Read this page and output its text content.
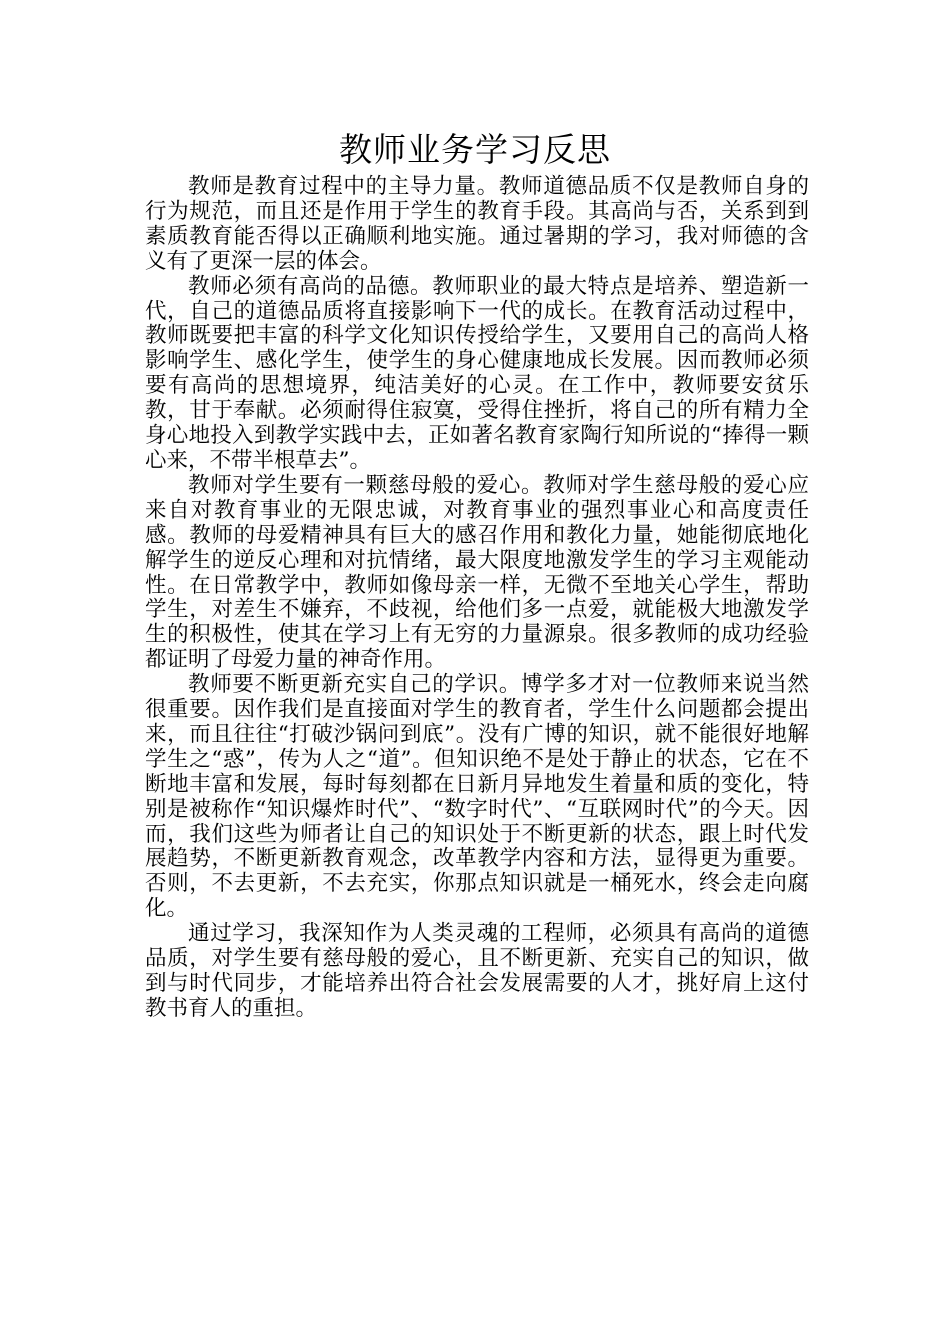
教师业务学习反思

教师是教育过程中的主导力量。教师道德品质不仅是教师自身的行为规范，而且还是作用于学生的教育手段。其高尚与否，关系到到素质教育能否得以正确顺利地实施。通过暑期的学习，我对师德的含义有了更深一层的体会。

教师必须有高尚的品德。教师职业的最大特点是培养、塑造新一代，自己的道德品质将直接影响下一代的成长。在教育活动过程中，教师既要把丰富的科学文化知识传授给学生，又要用自己的高尚人格影响学生、感化学生，使学生的身心健康地成长发展。因而教师必须要有高尚的思想境界，纯洁美好的心灵。在工作中，教师要安贫乐教，甘于奉献。必须耐得住寂寞，受得住挫折，将自己的所有精力全身心地投入到教学实践中去，正如著名教育家陶行知所说的“捧得一颗心来，不带半根草去”。

教师对学生要有一颗慈母般的爱心。教师对学生慈母般的爱心应来自对教育事业的无限忠诚，对教育事业的强烈事业心和高度责任感。教师的母爱精神具有巨大的感召作用和教化力量，她能彻底地化解学生的逆反心理和对抗情绪，最大限度地激发学生的学习主观能动性。在日常教学中，教师如像母亲一样，无微不至地关心学生，帮助学生，对差生不嫌弃，不歧视，给他们多一点爱，就能极大地激发学生的积极性，使其在学习上有无穷的力量源泉。很多教师的成功经验都证明了母爱力量的神奇作用。

教师要不断更新充实自己的学识。博学多才对一位教师来说当然很重要。因作我们是直接面对学生的教育者，学生什么问题都会提出来，而且往往“打破沙锅问到底”。没有广博的知识，就不能很好地解学生之“惑”，传为人之“道”。但知识绝不是处于静止的状态，它在不断地丰富和发展，每时每刻都在日新月异地发生着量和质的变化，特别是被称作“知识爆炸时代”、“数字时代”、“互联网时代”的今天。因而，我们这些为师者让自己的知识处于不断更新的状态，跟上时代发展趋势，不断更新教育观念，改革教学内容和方法，显得更为重要。否则，不去更新，不去充实，你那点知识就是一桶死水，终会走向腐化。

通过学习，我深知作为人类灵魂的工程师，必须具有高尚的道德品质，对学生要有慈母般的爱心，且不断更新、充实自己的知识，做到与时代同步，才能培养出符合社会发展需要的人才，挑好肩上这付教书育人的重担。
